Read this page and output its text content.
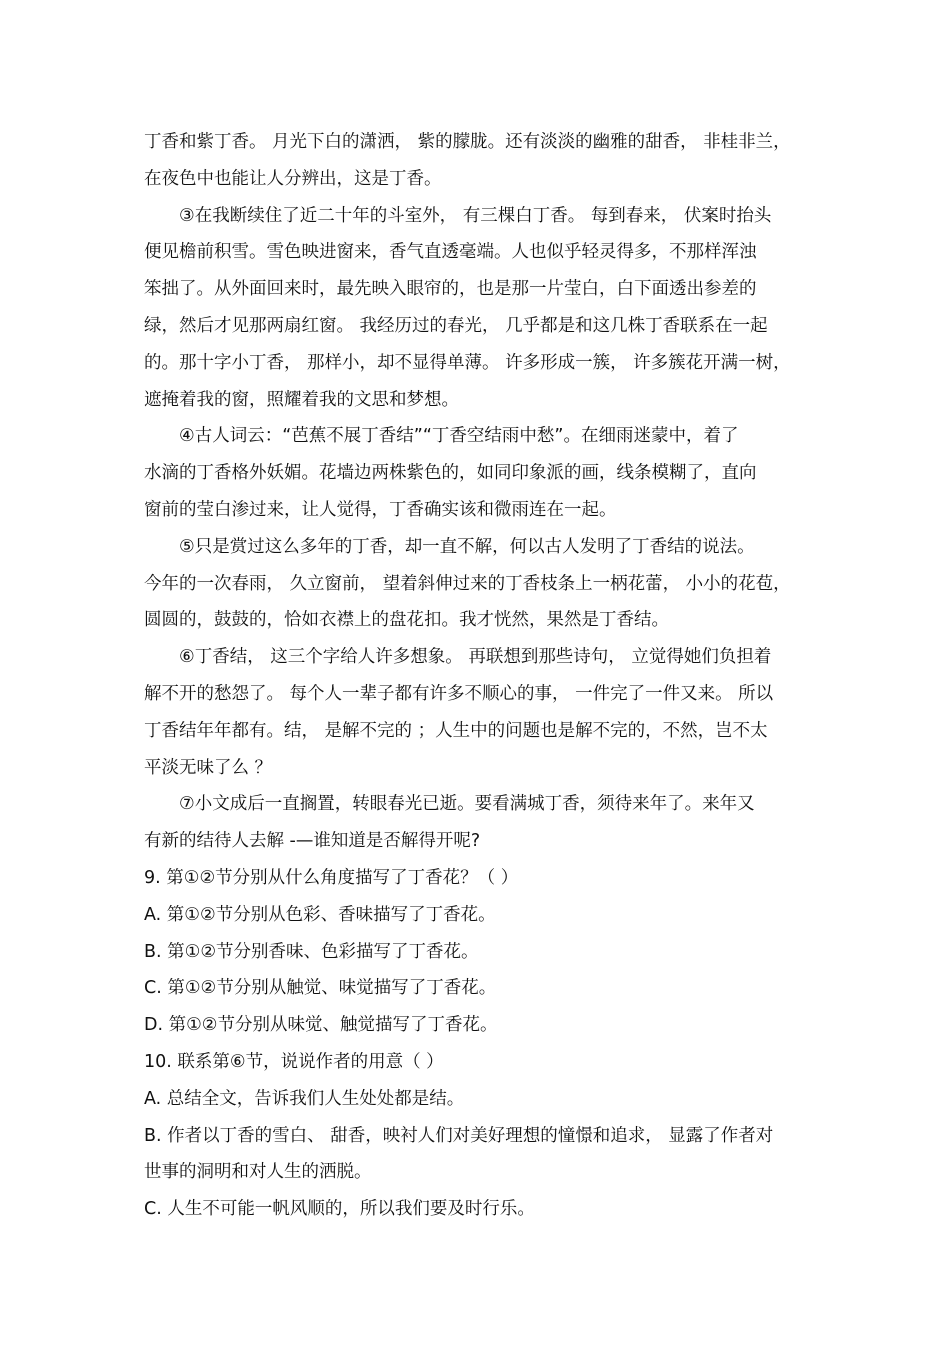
丁香和紫丁香。 月光下白的潇洒， 紫的朦胧。还有淡淡的幽雅的甜香， 非桂非兰，
在夜色中也能让人分辨出，这是丁香。
③在我断续住了近二十年的斗室外， 有三棵白丁香。 每到春来， 伏案时抬头
便见檐前积雪。雪色映进窗来，香气直透毫端。人也似乎轻灵得多，不那样浑浊
笨拙了。从外面回来时，最先映入眼帘的，也是那一片莹白，白下面透出参差的
绿，然后才见那两扇红窗。 我经历过的春光， 几乎都是和这几株丁香联系在一起
的。那十字小丁香， 那样小，却不显得单薄。 许多形成一簇， 许多簇花开满一树，
遮掩着我的窗，照耀着我的文思和梦想。
④古人词云：“芭蕉不展丁香结”“丁香空结雨中愁”。在细雨迷蒙中，着了
水滴的丁香格外妖媚。花墙边两株紫色的，如同印象派的画，线条模糊了，直向
窗前的莹白渗过来，让人觉得，丁香确实该和微雨连在一起。
⑤只是赏过这么多年的丁香，却一直不解，何以古人发明了丁香结的说法。
今年的一次春雨， 久立窗前， 望着斜伸过来的丁香枝条上一柄花蕾， 小小的花苞，
圆圆的，鼓鼓的，恰如衣襟上的盘花扣。我才恍然，果然是丁香结。
⑥丁香结， 这三个字给人许多想象。 再联想到那些诗句， 立觉得她们负担着
解不开的愁怨了。 每个人一辈子都有许多不顺心的事， 一件完了一件又来。 所以
丁香结年年都有。结， 是解不完的 ；人生中的问题也是解不完的，不然，岂不太
平淡无味了么 ？
⑦小文成后一直搁置，转眼春光已逝。要看满城丁香，须待来年了。来年又
有新的结待人去解 -—谁知道是否解得开呢?
9. 第①②节分别从什么角度描写了丁香花？（ ）
A. 第①②节分别从色彩、香味描写了丁香花。
B. 第①②节分别香味、色彩描写了丁香花。
C. 第①②节分别从触觉、味觉描写了丁香花。
D. 第①②节分别从味觉、触觉描写了丁香花。
10. 联系第⑥节，说说作者的用意（ ）
A. 总结全文，告诉我们人生处处都是结。
B. 作者以丁香的雪白、 甜香，映衬人们对美好理想的憧憬和追求， 显露了作者对
世事的洞明和对人生的洒脱。
C. 人生不可能一帆风顺的，所以我们要及时行乐。
